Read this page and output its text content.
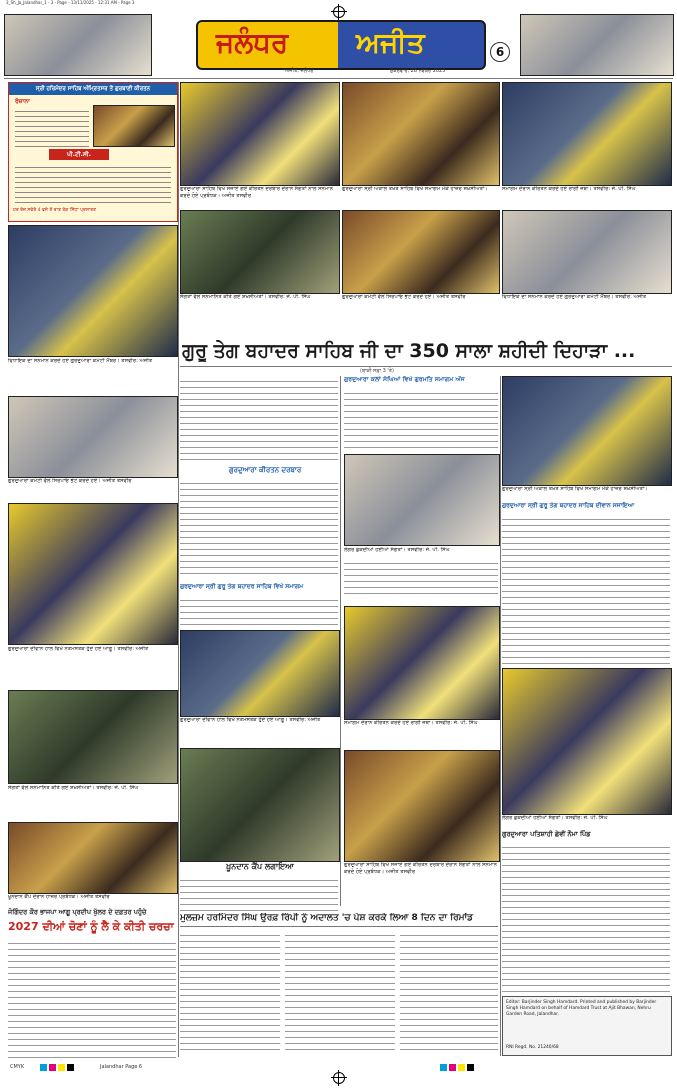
3_Sh_Ja_Jalandhar_1 - 3 - Page - 13/11/2025 - 12:31 AM - Page 3
ਜਲੰਧਰ ਅਜੀਤ
ਅਜੀਤ, ਜਲੰਧਰ	ਸ਼ੁੱਕਰਵਾਰ, 28 ਨਵੰਬਰ 2025
6
ਸ੍ਰੀ ਹਰਿਮੰਦਰ ਸਾਹਿਬ ਅੰਮ੍ਰਿਤਸਰ ਤੋਂ ਗੁਰਬਾਣੀ ਕੀਰਤਨ
ਰੋਜ਼ਾਨਾ
ਪੀ.ਟੀ.ਸੀ.
ਹਰ ਰੋਜ਼ ਸਵੇਰੇ 4 ਵਜੇ ਤੋਂ ਰਾਤ ਤੱਕ ਸਿੱਧਾ ਪ੍ਰਸਾਰਣ
ਵਿਧਾਇਕ ਦਾ ਸਨਮਾਨ ਕਰਦੇ ਹੋਏ ਗੁਰਦੁਆਰਾ ਕਮੇਟੀ ਮੈਂਬਰ। ਤਸਵੀਰ: ਅਜੀਤ
ਗੁਰਦੁਆਰਾ ਕਮੇਟੀ ਵੱਲੋਂ ਸਿਰੋਪਾਓ ਭੇਟ ਕਰਦੇ ਹੋਏ। ਅਜੀਤ ਤਸਵੀਰ
ਗੁਰਦੁਆਰਾ ਦੀਵਾਨ ਹਾਲ ਵਿਖੇ ਨਤਮਸਤਕ ਹੁੰਦੇ ਹੋਏ ਆਗੂ। ਤਸਵੀਰ: ਅਜੀਤ
ਸੰਗਤਾਂ ਵੱਲੋਂ ਸਨਮਾਨਿਤ ਕੀਤੇ ਗਏ ਸ਼ਖ਼ਸੀਅਤਾਂ। ਤਸਵੀਰ: ਜੇ. ਪੀ. ਸਿੰਘ
ਖ਼ੂਨਦਾਨ ਕੈਂਪ ਦੌਰਾਨ ਹਾਜ਼ਰ ਪ੍ਰਬੰਧਕ। ਅਜੀਤ ਤਸਵੀਰ
ਜੋਗਿੰਦਰ ਕੌਰ ਭਾਜਪਾ ਆਗੂ ਪ੍ਰਦੀਪ ਖੁੱਲਰ ਦੇ ਦਫ਼ਤਰ ਪਹੁੰਚੇ
2027 ਦੀਆਂ ਚੋਣਾਂ ਨੂੰ ਲੈ ਕੇ ਕੀਤੀ ਚਰਚਾ
ਗੁਰਦੁਆਰਾ ਸਾਹਿਬ ਵਿਖੇ ਸਜਾਏ ਗਏ ਕੀਰਤਨ ਦਰਬਾਰ ਦੌਰਾਨ ਸੰਗਤਾਂ ਨਾਲ ਸਨਮਾਨ ਕਰਦੇ ਹੋਏ ਪ੍ਰਬੰਧਕ। ਅਜੀਤ ਤਸਵੀਰ
ਗੁਰਦੁਆਰਾ ਸ੍ਰੀ ਅਕਾਲ ਤਖ਼ਤ ਸਾਹਿਬ ਵਿਖੇ ਸਮਾਗਮ ਮੌਕੇ ਹਾਜ਼ਰ ਸ਼ਖ਼ਸੀਅਤਾਂ।	ਸਮਾਗਮ ਦੌਰਾਨ ਕੀਰਤਨ ਕਰਦੇ ਹੋਏ ਰਾਗੀ ਜਥਾ। ਤਸਵੀਰ: ਜੇ. ਪੀ. ਸਿੰਘ
ਸੰਗਤਾਂ ਵੱਲੋਂ ਸਨਮਾਨਿਤ ਕੀਤੇ ਗਏ ਸ਼ਖ਼ਸੀਅਤਾਂ। ਤਸਵੀਰ: ਜੇ. ਪੀ. ਸਿੰਘ	ਗੁਰਦੁਆਰਾ ਕਮੇਟੀ ਵੱਲੋਂ ਸਿਰੋਪਾਓ ਭੇਟ ਕਰਦੇ ਹੋਏ। ਅਜੀਤ ਤਸਵੀਰ	ਵਿਧਾਇਕ ਦਾ ਸਨਮਾਨ ਕਰਦੇ ਹੋਏ ਗੁਰਦੁਆਰਾ ਕਮੇਟੀ ਮੈਂਬਰ। ਤਸਵੀਰ: ਅਜੀਤ
ਗੁਰੂ ਤੇਗ ਬਹਾਦਰ ਸਾਹਿਬ ਜੀ ਦਾ 350 ਸਾਲਾ ਸ਼ਹੀਦੀ ਦਿਹਾੜਾ ...
(ਬਾਕੀ ਸਫ਼ਾ 3 'ਤੇ)
ਗੁਰਦੁਆਰਾ ਕੀਰਤਨ ਦਰਬਾਰ
ਗੁਰਦੁਆਰਾ ਸ੍ਰੀ ਗੁਰੂ ਤੇਗ ਬਹਾਦਰ ਸਾਹਿਬ ਵਿਖੇ ਸਮਾਗਮ
ਗੁਰਦੁਆਰਾ ਕਲਾਂ ਸੰਘਿਆਂ ਵਿਖੇ ਗੁਰਮਤਿ ਸਮਾਗਮ ਅੱਜ
ਲੰਗਰ ਛਕਦੀਆਂ ਹੋਈਆਂ ਸੰਗਤਾਂ। ਤਸਵੀਰ: ਜੇ. ਪੀ. ਸਿੰਘ
ਗੁਰਦੁਆਰਾ ਦੀਵਾਨ ਹਾਲ ਵਿਖੇ ਨਤਮਸਤਕ ਹੁੰਦੇ ਹੋਏ ਆਗੂ। ਤਸਵੀਰ: ਅਜੀਤ	ਸਮਾਗਮ ਦੌਰਾਨ ਕੀਰਤਨ ਕਰਦੇ ਹੋਏ ਰਾਗੀ ਜਥਾ। ਤਸਵੀਰ: ਜੇ. ਪੀ. ਸਿੰਘ
ਖ਼ੂਨਦਾਨ ਕੈਂਪ ਲਗਾਇਆ	ਗੁਰਦੁਆਰਾ ਸਾਹਿਬ ਵਿਖੇ ਸਜਾਏ ਗਏ ਕੀਰਤਨ ਦਰਬਾਰ ਦੌਰਾਨ ਸੰਗਤਾਂ ਨਾਲ ਸਨਮਾਨ ਕਰਦੇ ਹੋਏ ਪ੍ਰਬੰਧਕ। ਅਜੀਤ ਤਸਵੀਰ
ਮੁਲਜ਼ਮ ਹਰਮਿੰਦਰ ਸਿੰਘ ਉਰਫ਼ ਰਿੰਪੀ ਨੂੰ ਅਦਾਲਤ 'ਚ ਪੇਸ਼ ਕਰਕੇ ਲਿਆ 8 ਦਿਨ ਦਾ ਰਿਮਾਂਡ
ਗੁਰਦੁਆਰਾ ਸ੍ਰੀ ਅਕਾਲ ਤਖ਼ਤ ਸਾਹਿਬ ਵਿਖੇ ਸਮਾਗਮ ਮੌਕੇ ਹਾਜ਼ਰ ਸ਼ਖ਼ਸੀਅਤਾਂ।
ਗੁਰਦੁਆਰਾ ਸ੍ਰੀ ਗੁਰੂ ਤੇਗ ਬਹਾਦਰ ਸਾਹਿਬ ਦੀਵਾਨ ਸਜਾਇਆ
ਲੰਗਰ ਛਕਦੀਆਂ ਹੋਈਆਂ ਸੰਗਤਾਂ। ਤਸਵੀਰ: ਜੇ. ਪੀ. ਸਿੰਘ
ਗੁਰਦੁਆਰਾ ਪਤਿਸ਼ਾਹੀ ਛੇਵੀਂ ਨੌਮਾ ਪਿੰਡ
Editor: Barjinder Singh Hamdard. Printed and published by Barjinder Singh Hamdard on behalf of Hamdard Trust at Ajit Bhawan, Nehru Garden Road, Jalandhar.
RNI Regd. No. 21240/68
CMYK	Jalandhar Page 6
